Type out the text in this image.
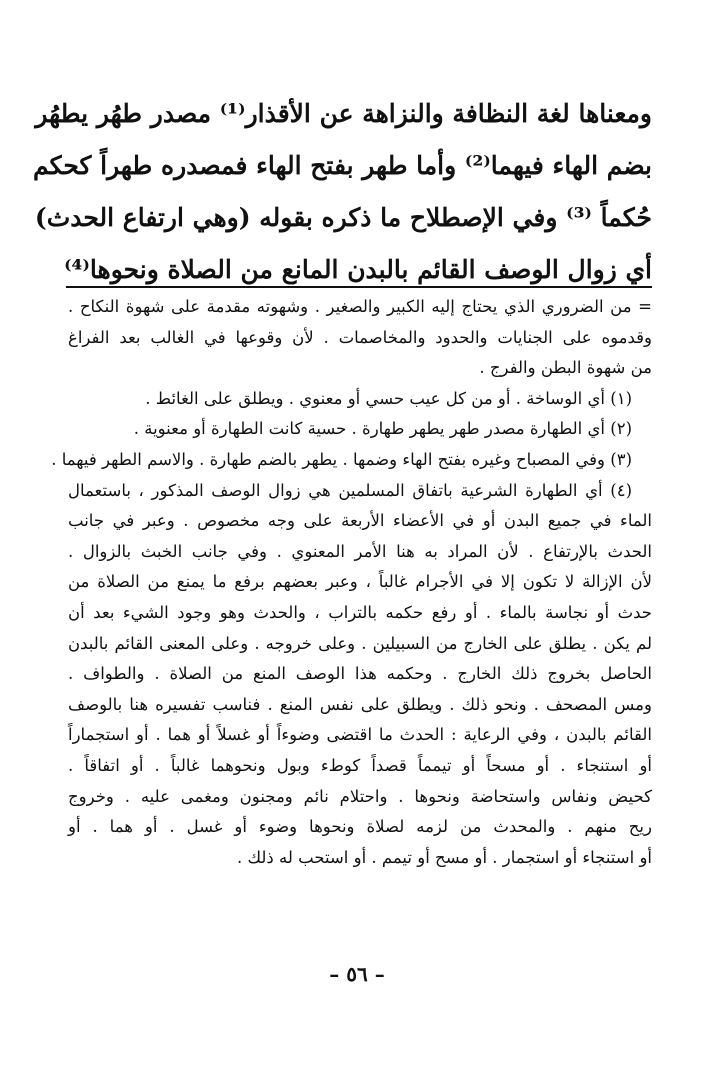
ومعناها لغة النظافة والنزاهة عن الأقذار⁽¹⁾ مصدر طهُر يطهُر
بضم الهاء فيهما⁽²⁾ وأما طهر بفتح الهاء فمصدره طهراً كحكم
حُكماً ⁽³⁾ وفي الإصطلاح ما ذكره بقوله (وهي ارتفاع الحدث)
أي زوال الوصف القائم بالبدن المانع من الصلاة ونحوها⁽⁴⁾
= من الضروري الذي يحتاج إليه الكبير والصغير . وشهوته مقدمة على شهوة النكاح .
وقدموه على الجنايات والحدود والمخاصمات . لأن وقوعها في الغالب بعد الفراغ
من شهوة البطن والفرج .
(١) أي الوساخة . أو من كل عيب حسي أو معنوي . ويطلق على الغائط .
(٢) أي الطهارة مصدر طهر يطهر طهارة . حسية كانت الطهارة أو معنوية .
(٣) وفي المصباح وغيره بفتح الهاء وضمها . يطهر بالضم طهارة . والاسم الطهر فيهما .
(٤) أي الطهارة الشرعية باتفاق المسلمين هي زوال الوصف المذكور ، باستعمال
الماء في جميع البدن أو في الأعضاء الأربعة على وجه مخصوص . وعبر في جانب
الحدث بالإرتفاع . لأن المراد به هنا الأمر المعنوي . وفي جانب الخبث بالزوال .
لأن الإزالة لا تكون إلا في الأجرام غالباً ، وعبر بعضهم برفع ما يمنع من الصلاة من
حدث أو نجاسة بالماء . أو رفع حكمه بالتراب ، والحدث وهو وجود الشيء بعد أن
لم يكن . يطلق على الخارج من السبيلين . وعلى خروجه . وعلى المعنى القائم بالبدن
الحاصل بخروج ذلك الخارج . وحكمه هذا الوصف المنع من الصلاة . والطواف .
ومس المصحف . ونحو ذلك . ويطلق على نفس المنع . فناسب تفسيره هنا بالوصف
القائم بالبدن ، وفي الرعاية : الحدث ما اقتضى وضوءاً أو غسلاً أو هما . أو استجماراً
أو استنجاء . أو مسحاً أو تيمماً قصداً كوطء وبول ونحوهما غالباً . أو اتفاقاً .
كحيض ونفاس واستحاضة ونحوها . واحتلام نائم ومجنون ومغمى عليه . وخروج
ريح منهم . والمحدث من لزمه لصلاة ونحوها وضوء أو غسل . أو هما . أو
أو استنجاء أو استجمار . أو مسح أو تيمم . أو استحب له ذلك .
– ٥٦ –
